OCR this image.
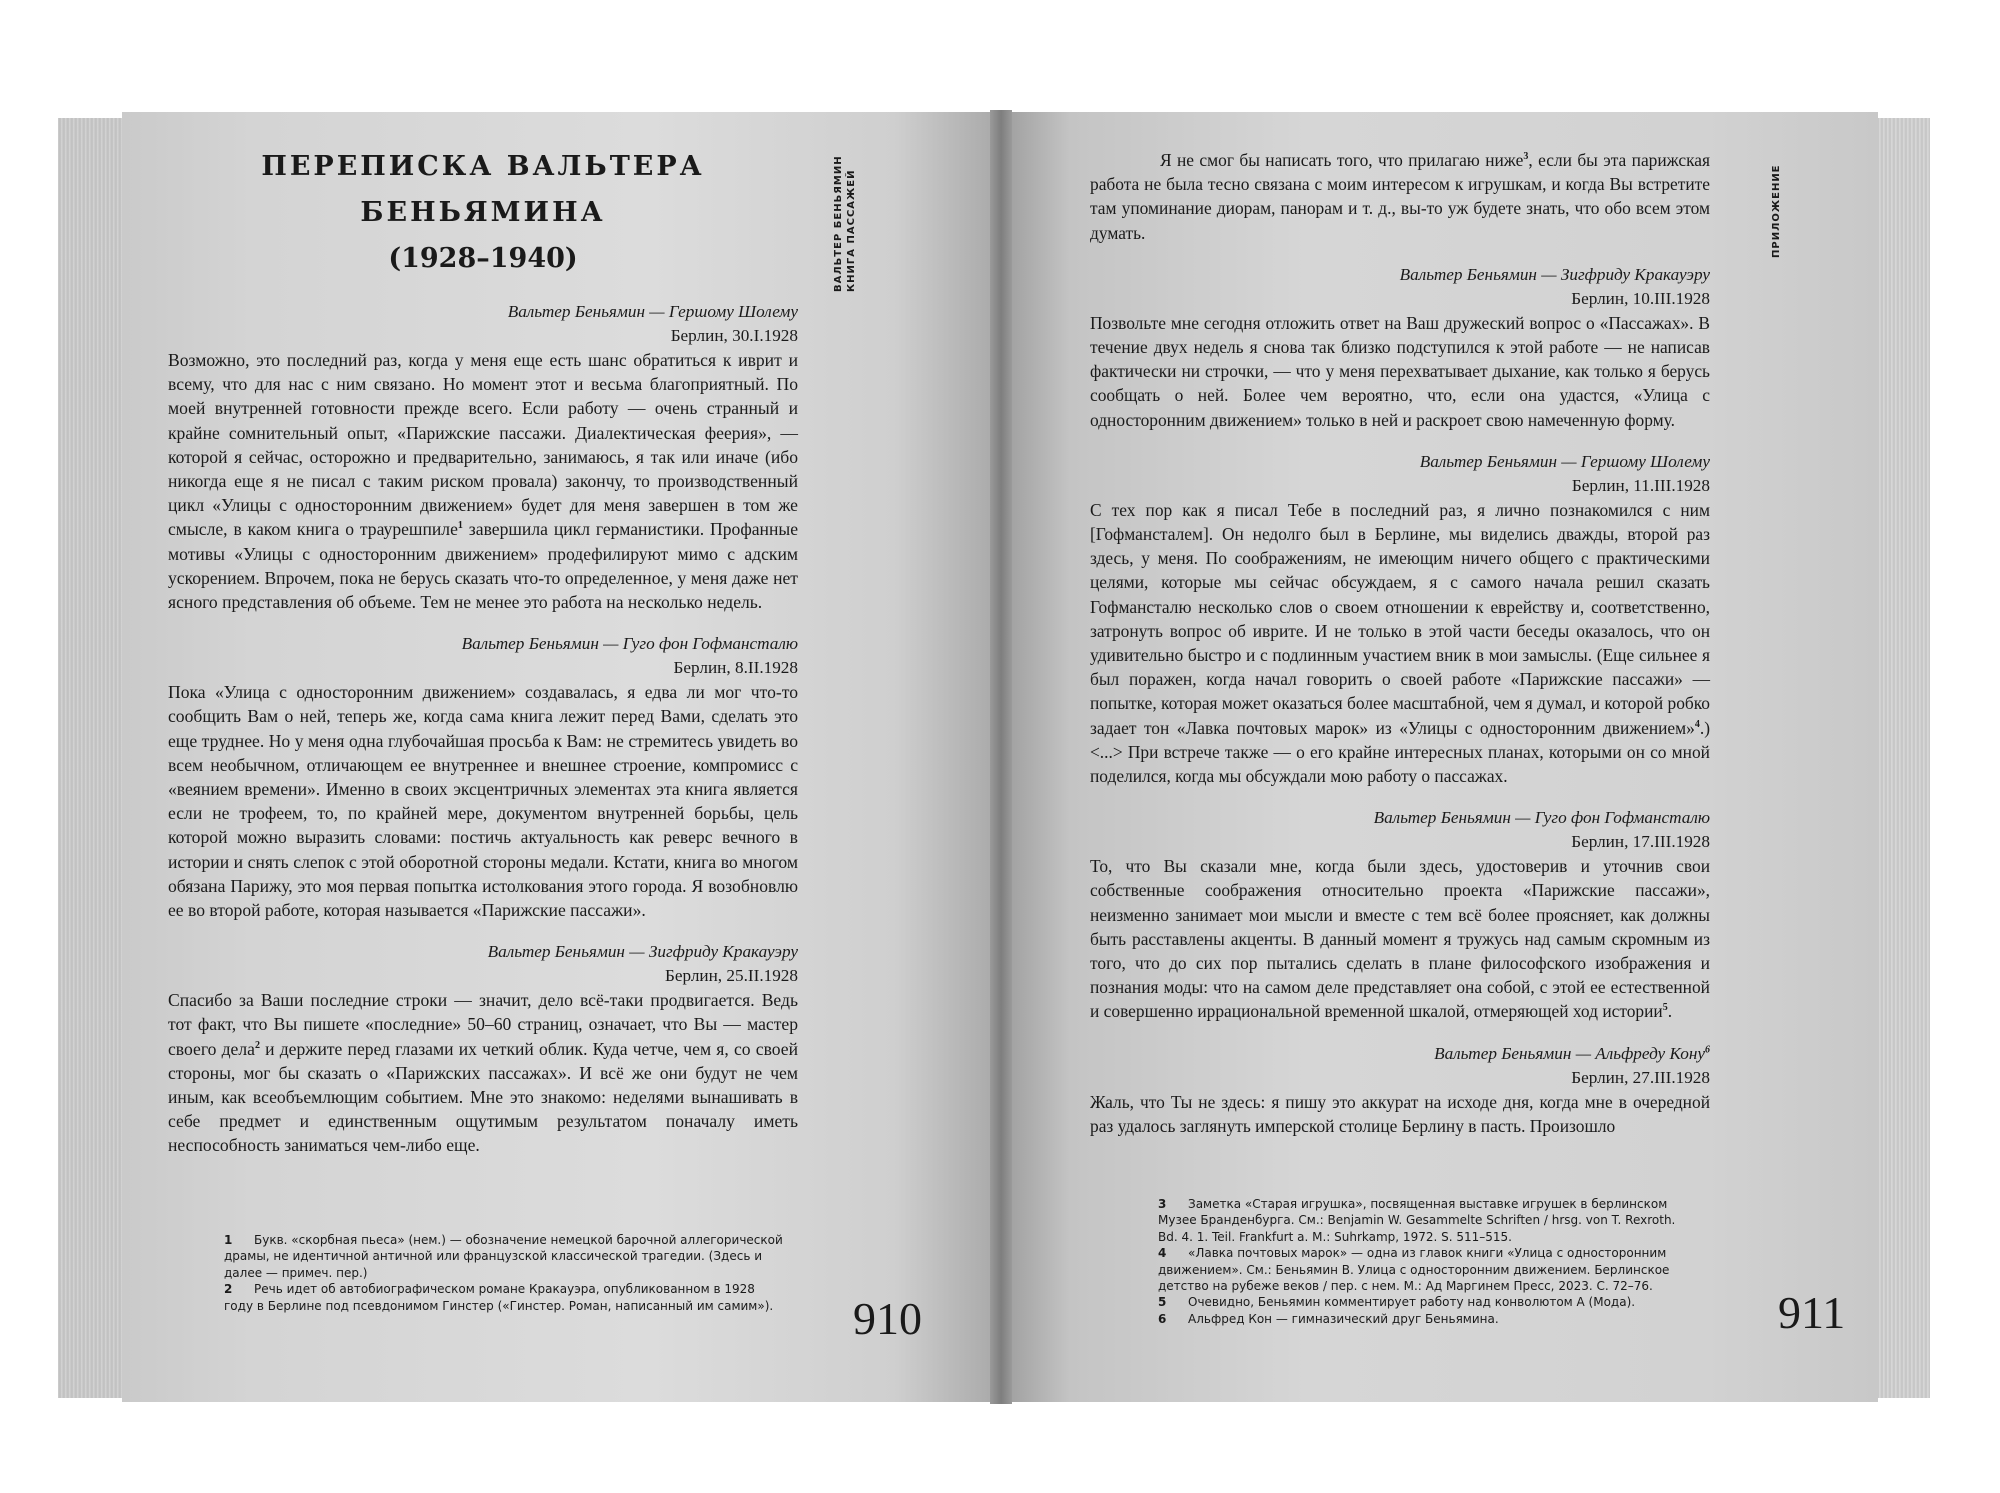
ПЕРЕПИСКА ВАЛЬТЕРА БЕНЬЯМИНА
(1928–1940)
Вальтер Беньямин — Гершому Шолему
Берлин, 30.I.1928
Возможно, это последний раз, когда у меня еще есть шанс обратиться к иврит и всему, что для нас с ним связано. Но момент этот и весьма благоприятный. По моей внутренней готовности прежде всего. Если работу — очень странный и крайне сомнительный опыт, «Парижские пассажи. Диалектическая феерия», — которой я сейчас, осторожно и предварительно, занимаюсь, я так или иначе (ибо никогда еще я не писал с таким риском провала) закончу, то производственный цикл «Улицы с односторонним движением» будет для меня завершен в том же смысле, в каком книга о траурешпиле$^1$ завершила цикл германистики. Профанные мотивы «Улицы с односторонним движением» продефилируют мимо с адским ускорением. Впрочем, пока не берусь сказать что-то определенное, у меня даже нет ясного представления об объеме. Тем не менее это работа на несколько недель.
Вальтер Беньямин — Гуго фон Гофмансталю
Берлин, 8.II.1928
Пока «Улица с односторонним движением» создавалась, я едва ли мог что-то сообщить Вам о ней, теперь же, когда сама книга лежит перед Вами, сделать это еще труднее. Но у меня одна глубочайшая просьба к Вам: не стремитесь увидеть во всем необычном, отличающем ее внутреннее и внешнее строение, компромисс с «веянием времени». Именно в своих эксцентричных элементах эта книга является если не трофеем, то, по крайней мере, документом внутренней борьбы, цель которой можно выразить словами: постичь актуальность как реверс вечного в истории и снять слепок с этой оборотной стороны медали. Кстати, книга во многом обязана Парижу, это моя первая попытка истолкования этого города. Я возобновлю ее во второй работе, которая называется «Парижские пассажи».
Вальтер Беньямин — Зигфриду Кракауэру
Берлин, 25.II.1928
Спасибо за Ваши последние строки — значит, дело всё-таки продвигается. Ведь тот факт, что Вы пишете «последние» 50–60 страниц, означает, что Вы — мастер своего дела$^2$ и держите перед глазами их четкий облик. Куда четче, чем я, со своей стороны, мог бы сказать о «Парижских пассажах». И всё же они будут не чем иным, как всеобъемлющим событием. Мне это знакомо: неделями вынашивать в себе предмет и единственным ощутимым результатом поначалу иметь неспособность заниматься чем-либо еще.
ВАЛЬТЕР БЕНЬЯМИН КНИГА ПАССАЖЕЙ

1 Букв. «скорбная пьеса» (нем.) — обозначение немецкой барочной аллегорической драмы, не идентичной античной или французской классической трагедии. (Здесь и далее — примеч. пер.)

2 Речь идет об автобиографическом романе Кракауэра, опубликованном в 1928 году в Берлине под псевдонимом Гинстер («Гинстер. Роман, написанный им самим»). 910
Я не смог бы написать того, что прилагаю ниже$^3$, если бы эта парижская работа не была тесно связана с моим интересом к игрушкам, и когда Вы встретите там упоминание диорам, панорам и т. д., вы-то уж будете знать, что обо всем этом думать.
Вальтер Беньямин — Зигфриду Кракауэру
Берлин, 10.III.1928
Позвольте мне сегодня отложить ответ на Ваш дружеский вопрос о «Пассажах». В течение двух недель я снова так близко подступился к этой работе — не написав фактически ни строчки, — что у меня перехватывает дыхание, как только я берусь сообщать о ней. Более чем вероятно, что, если она удастся, «Улица с односторонним движением» только в ней и раскроет свою намеченную форму.
Вальтер Беньямин — Гершому Шолему
Берлин, 11.III.1928
С тех пор как я писал Тебе в последний раз, я лично познакомился с ним [Гофмансталем]. Он недолго был в Берлине, мы виделись дважды, второй раз здесь, у меня. По соображениям, не имеющим ничего общего с практическими целями, которые мы сейчас обсуждаем, я с самого начала решил сказать Гофмансталю несколько слов о своем отношении к еврейству и, соответственно, затронуть вопрос об иврите. И не только в этой части беседы оказалось, что он удивительно быстро и с подлинным участием вник в мои замыслы. (Еще сильнее я был поражен, когда начал говорить о своей работе «Парижские пассажи» — попытке, которая может оказаться более масштабной, чем я думал, и которой робко задает тон «Лавка почтовых марок» из «Улицы с односторонним движением»$^4$.) <...> При встрече также — о его крайне интересных планах, которыми он со мной поделился, когда мы обсуждали мою работу о пассажах.
Вальтер Беньямин — Гуго фон Гофмансталю
Берлин, 17.III.1928
То, что Вы сказали мне, когда были здесь, удостоверив и уточнив свои собственные соображения относительно проекта «Парижские пассажи», неизменно занимает мои мысли и вместе с тем всё более проясняет, как должны быть расставлены акценты. В данный момент я тружусь над самым скромным из того, что до сих пор пытались сделать в плане философского изображения и познания моды: что на самом деле представляет она собой, с этой ее естественной и совершенно иррациональной временной шкалой, отмеряющей ход истории$^5$.
Вальтер Беньямин — Альфреду Кону$^6$
Берлин, 27.III.1928
Жаль, что Ты не здесь: я пишу это аккурат на исходе дня, когда мне в очередной раз удалось заглянуть имперской столице Берлину в пасть. Произошло
ПРИЛОЖЕНИЕ

3 Заметка «Старая игрушка», посвященная выставке игрушек в берлинском Музее Бранденбурга. См.: Benjamin W. Gesammelte Schriften / hrsg. von T. Rexroth. Bd. 4. 1. Teil. Frankfurt a. M.: Suhrkamp, 1972. S. 511–515.

4 «Лавка почтовых марок» — одна из главок книги «Улица с односторонним движением». См.: Беньямин В. Улица с односторонним движением. Берлинское детство на рубеже веков / пер. с нем. М.: Ад Маргинем Пресс, 2023. С. 72–76.

5 Очевидно, Беньямин комментирует работу над конволютом А (Мода).

6 Альфред Кон — гимназический друг Беньямина.	911
